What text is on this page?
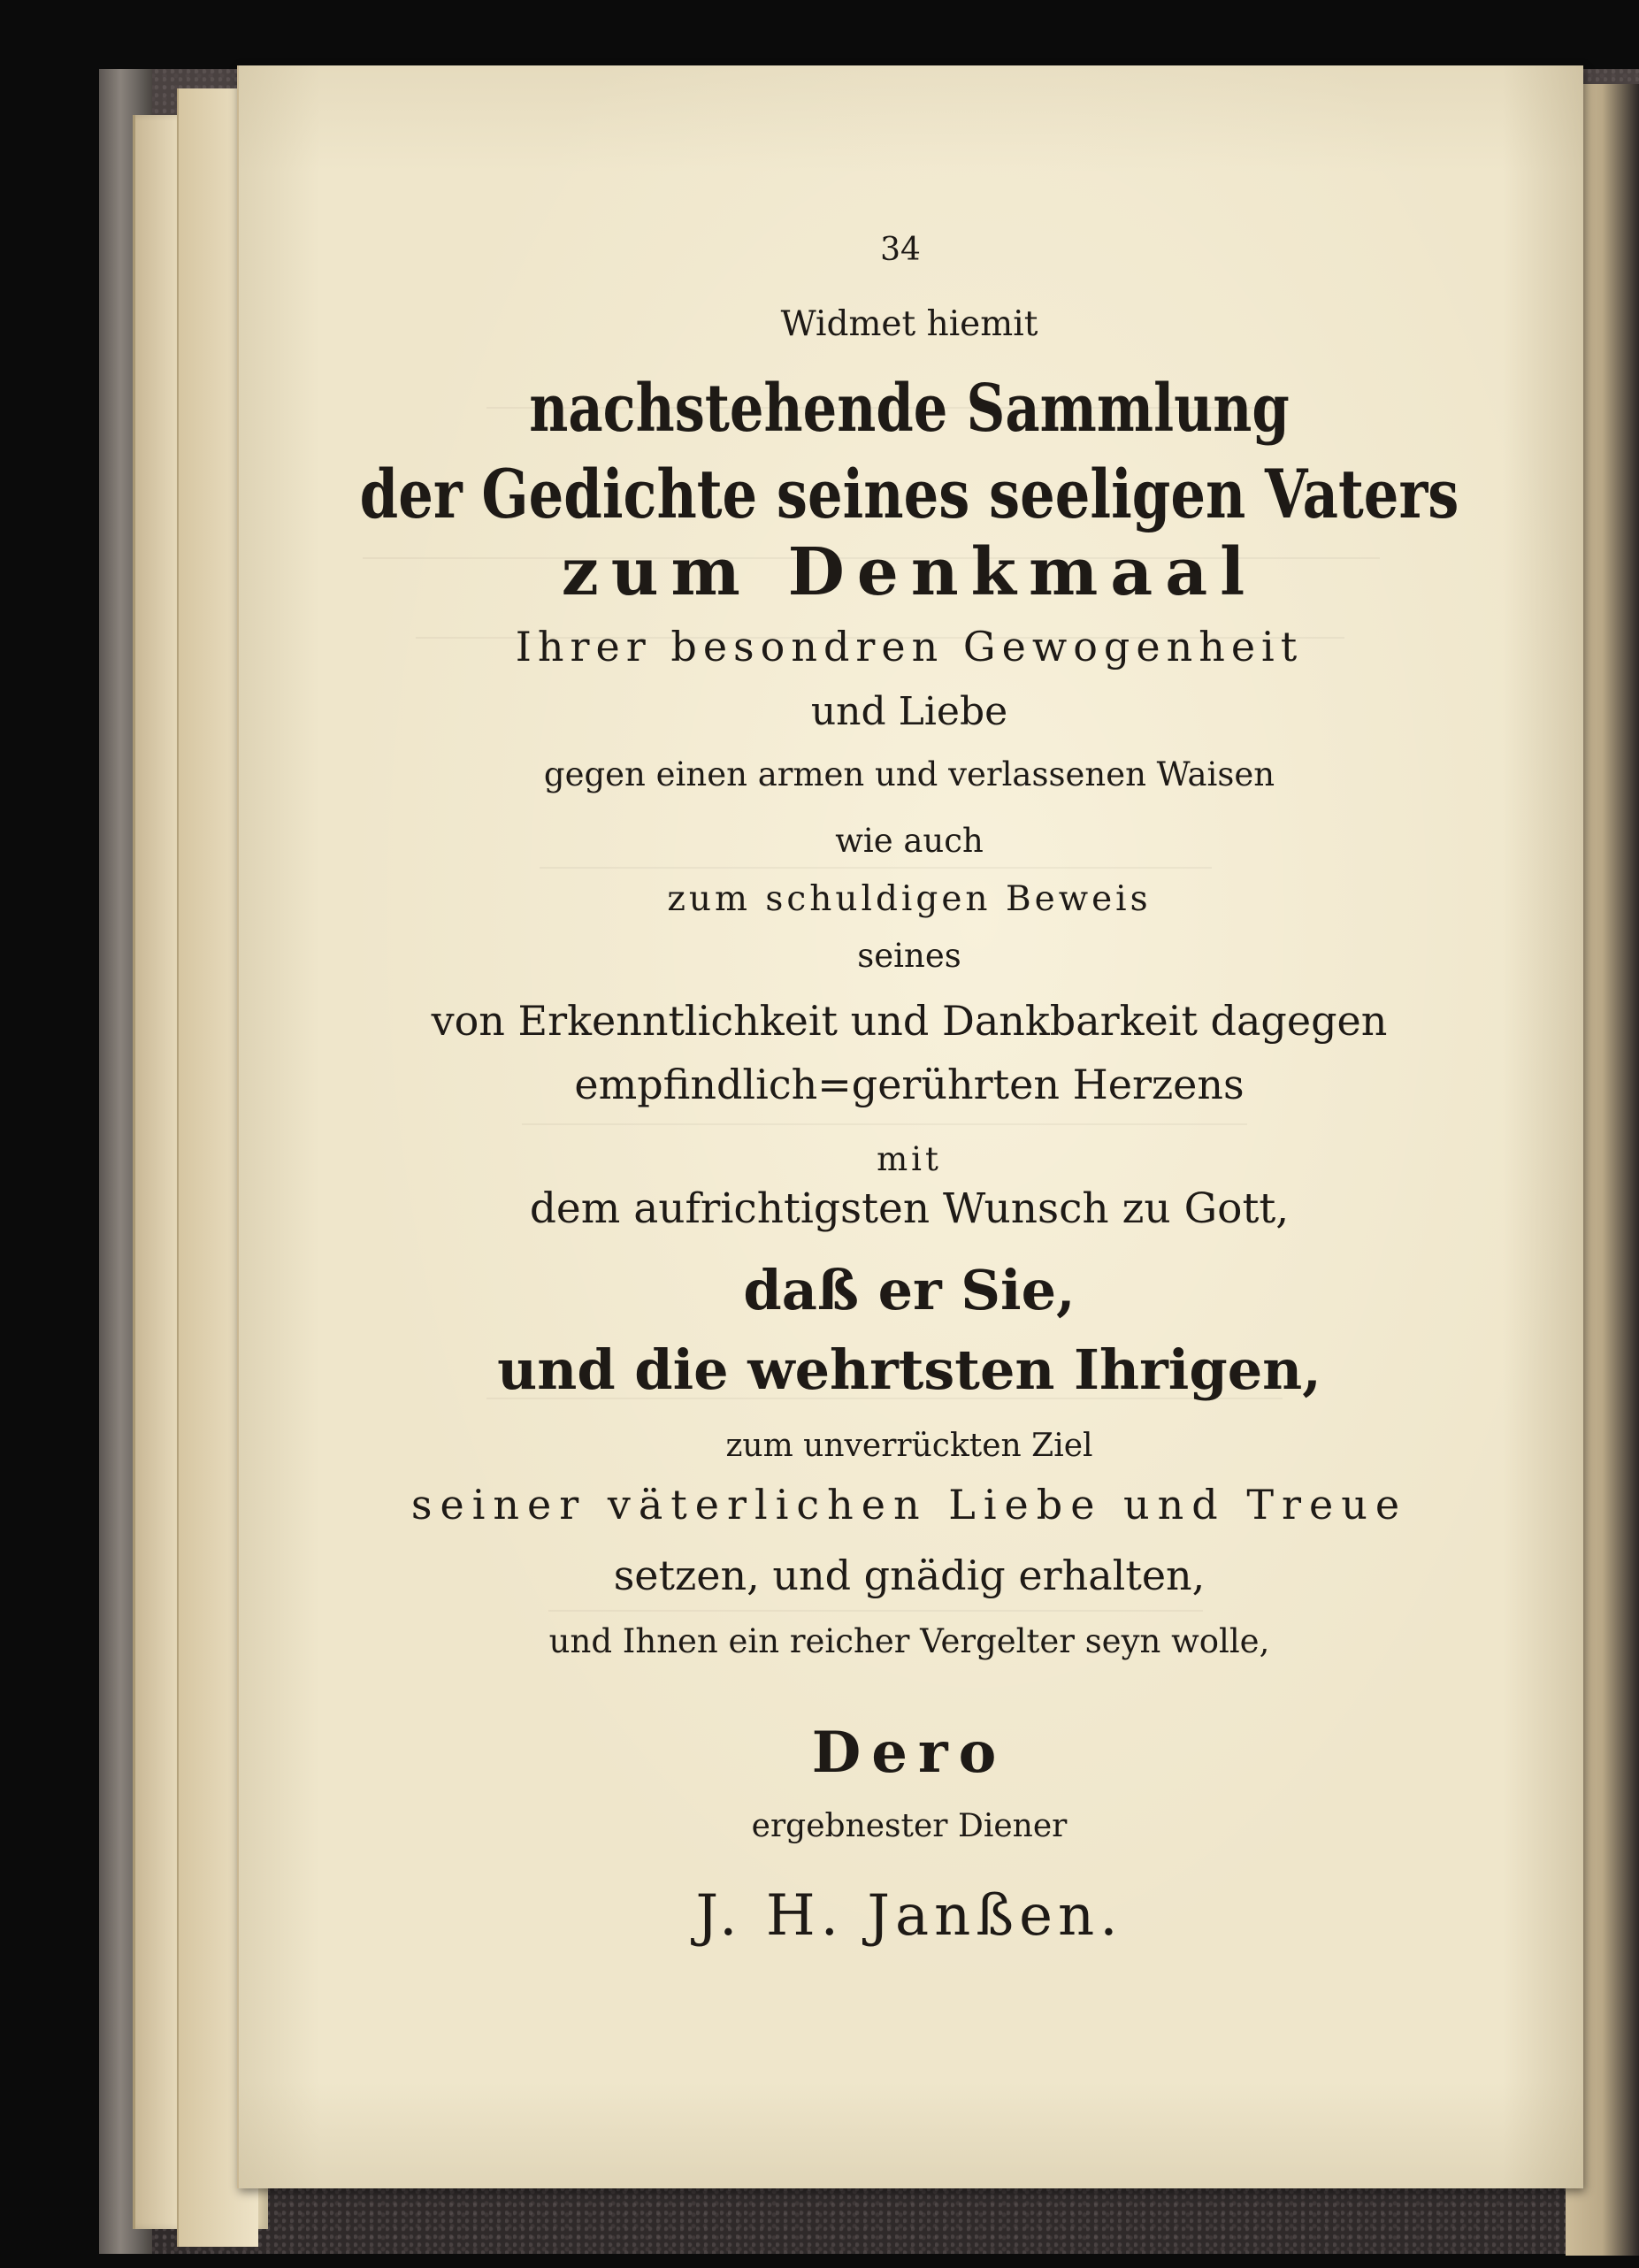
34
Widmet hiemit
nachstehende Sammlung
der Gedichte seines seeligen Vaters
zum Denkmaal
Ihrer besondren Gewogenheit
und Liebe
gegen einen armen und verlassenen Waisen
wie auch
zum schuldigen Beweis
seines
von Erkenntlichkeit und Dankbarkeit dagegen
empfindlich=gerührten Herzens
mit
dem aufrichtigsten Wunsch zu Gott,
daß er Sie,
und die wehrtsten Ihrigen,
zum unverrückten Ziel
seiner väterlichen Liebe und Treue
setzen, und gnädig erhalten,
und Ihnen ein reicher Vergelter seyn wolle,
Dero
ergebnester Diener
J. H. Janßen.
